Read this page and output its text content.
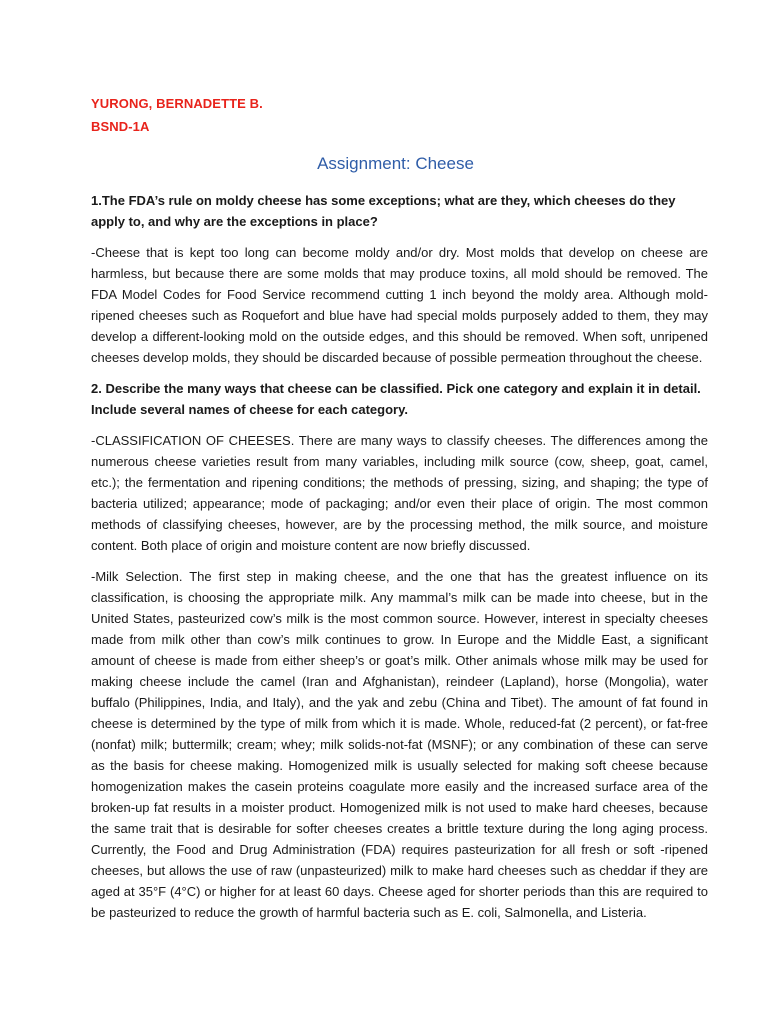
YURONG, BERNADETTE B.
BSND-1A
Assignment: Cheese

1.The FDA’s rule on moldy cheese has some exceptions; what are they, which cheeses do they apply to, and why are the exceptions in place?

-Cheese that is kept too long can become moldy and/or dry. Most molds that develop on cheese are harmless, but because there are some molds that may produce toxins, all mold should be removed. The FDA Model Codes for Food Service recommend cutting 1 inch beyond the moldy area. Although mold-ripened cheeses such as Roquefort and blue have had special molds purposely added to them, they may develop a different-looking mold on the outside edges, and this should be removed. When soft, unripened cheeses develop molds, they should be discarded because of possible permeation throughout the cheese.

2. Describe the many ways that cheese can be classified. Pick one category and explain it in detail. Include several names of cheese for each category.

-CLASSIFICATION OF CHEESES. There are many ways to classify cheeses. The differences among the numerous cheese varieties result from many variables, including milk source (cow, sheep, goat, camel, etc.); the fermentation and ripening conditions; the methods of pressing, sizing, and shaping; the type of bacteria utilized; appearance; mode of packaging; and/or even their place of origin. The most common methods of classifying cheeses, however, are by the processing method, the milk source, and moisture content. Both place of origin and moisture content are now briefly discussed.

-Milk Selection. The first step in making cheese, and the one that has the greatest influence on its classification, is choosing the appropriate milk. Any mammal’s milk can be made into cheese, but in the United States, pasteurized cow’s milk is the most common source. However, interest in specialty cheeses made from milk other than cow’s milk continues to grow. In Europe and the Middle East, a significant amount of cheese is made from either sheep’s or goat’s milk. Other animals whose milk may be used for making cheese include the camel (Iran and Afghanistan), reindeer (Lapland), horse (Mongolia), water buffalo (Philippines, India, and Italy), and the yak and zebu (China and Tibet). The amount of fat found in cheese is determined by the type of milk from which it is made. Whole, reduced-fat (2 percent), or fat-free (nonfat) milk; buttermilk; cream; whey; milk solids-not-fat (MSNF); or any combination of these can serve as the basis for cheese making. Homogenized milk is usually selected for making soft cheese because homogenization makes the casein proteins coagulate more easily and the increased surface area of the broken-up fat results in a moister product. Homogenized milk is not used to make hard cheeses, because the same trait that is desirable for softer cheeses creates a brittle texture during the long aging process. Currently, the Food and Drug Administration (FDA) requires pasteurization for all fresh or soft -ripened cheeses, but allows the use of raw (unpasteurized) milk to make hard cheeses such as cheddar if they are aged at 35°F (4°C) or higher for at least 60 days. Cheese aged for shorter periods than this are required to be pasteurized to reduce the growth of harmful bacteria such as E. coli, Salmonella, and Listeria.
